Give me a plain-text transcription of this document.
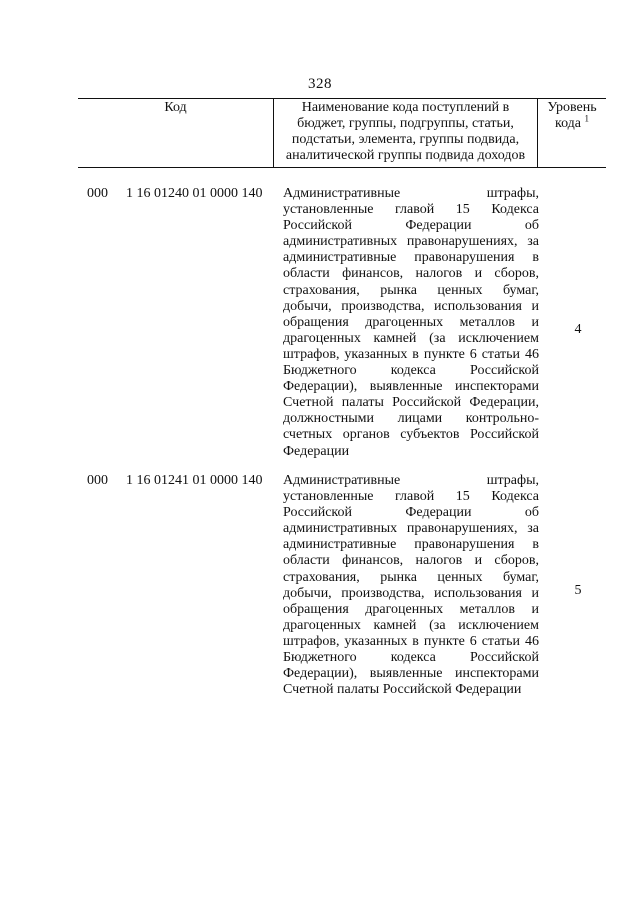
328
Код	Наименование кода поступлений в
бюджет, группы, подгруппы, статьи,
подстатьи, элемента, группы подвида,
аналитической группы подвида доходов
Уровень
кода $^1$
000 1 16 01240 01 0000 140 Административные штрафы,
установленные главой 15 Кодекса
Российской Федерации об
административных правонарушениях, за
административные правонарушения в
области финансов, налогов и сборов,
страхования, рынка ценных бумаг,
добычи, производства, использования и
обращения драгоценных металлов и
драгоценных камней (за исключением
штрафов, указанных в пункте 6 статьи 46
Бюджетного кодекса Российской
Федерации), выявленные инспекторами
Счетной палаты Российской Федерации,
должностными лицами контрольно-
счетных органов субъектов Российской
Федерации
4
000 1 16 01241 01 0000 140 Административные штрафы,
установленные главой 15 Кодекса
Российской Федерации об
административных правонарушениях, за
административные правонарушения в
области финансов, налогов и сборов,
страхования, рынка ценных бумаг,
добычи, производства, использования и
обращения драгоценных металлов и
драгоценных камней (за исключением
штрафов, указанных в пункте 6 статьи 46
Бюджетного кодекса Российской
Федерации), выявленные инспекторами
Счетной палаты Российской Федерации
5
